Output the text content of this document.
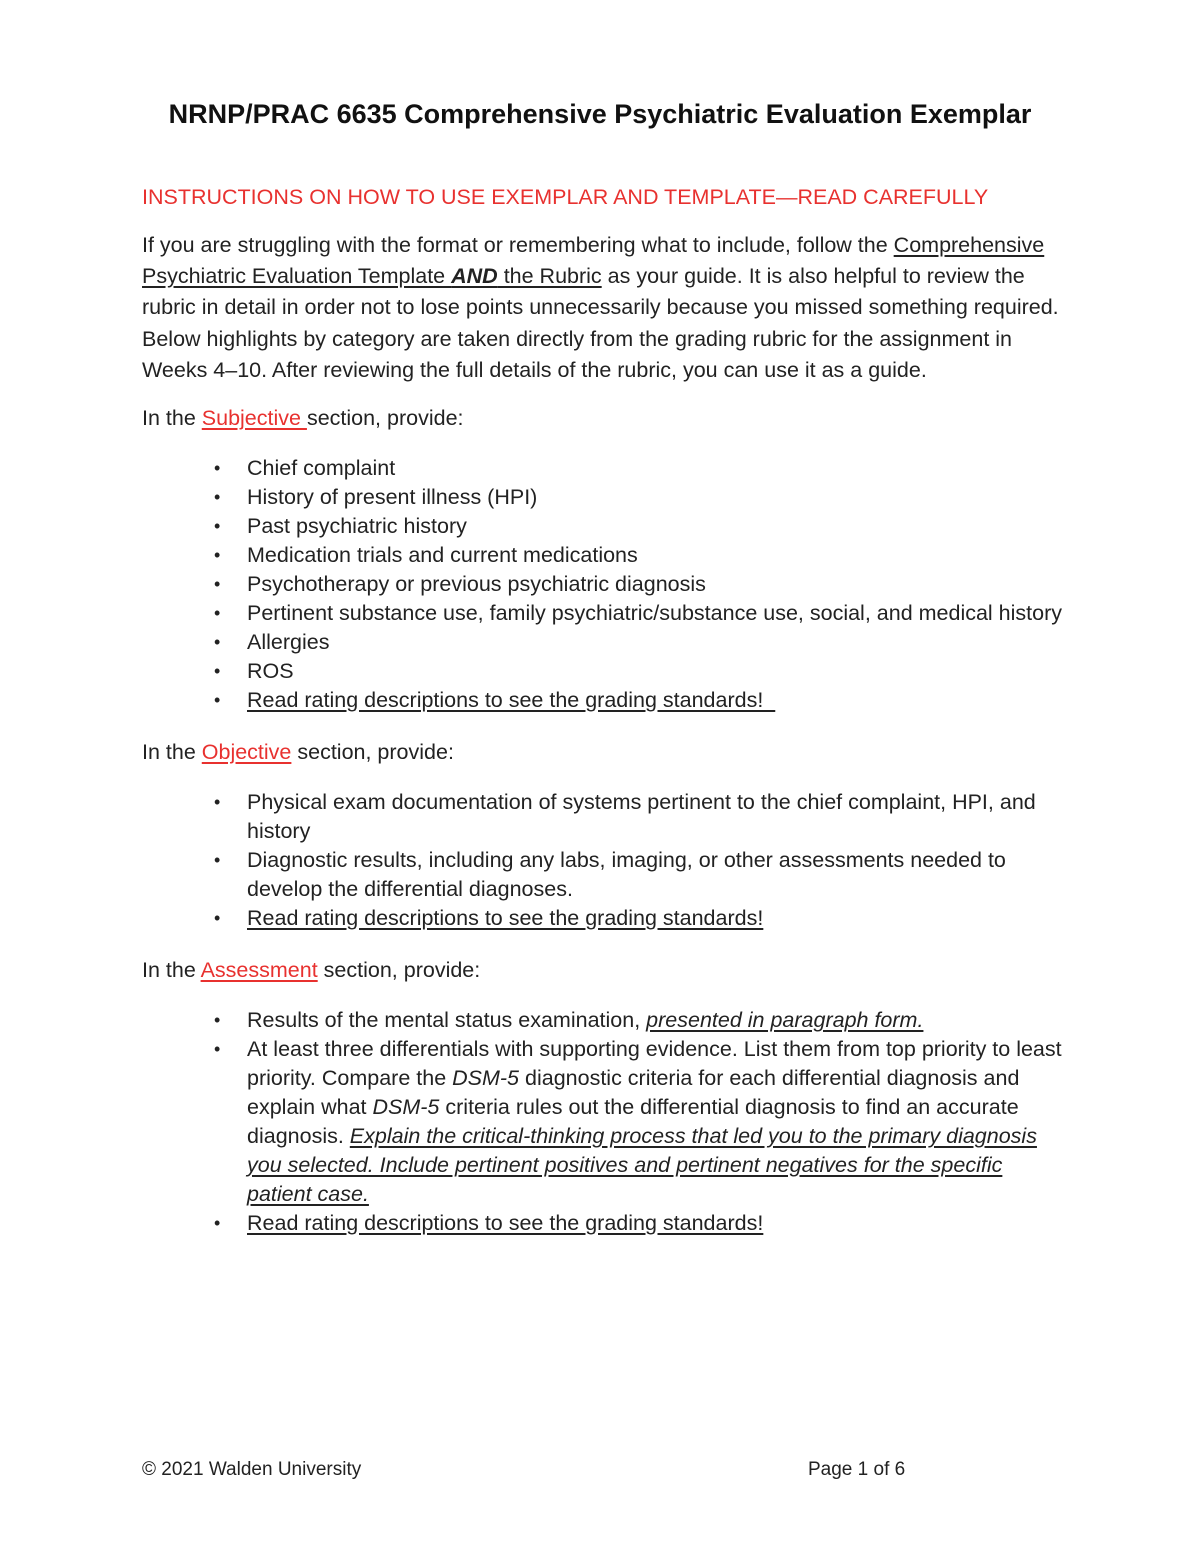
NRNP/PRAC 6635 Comprehensive Psychiatric Evaluation Exemplar
INSTRUCTIONS ON HOW TO USE EXEMPLAR AND TEMPLATE—READ CAREFULLY
If you are struggling with the format or remembering what to include, follow the Comprehensive Psychiatric Evaluation Template AND the Rubric as your guide. It is also helpful to review the rubric in detail in order not to lose points unnecessarily because you missed something required. Below highlights by category are taken directly from the grading rubric for the assignment in Weeks 4–10. After reviewing the full details of the rubric, you can use it as a guide.
In the Subjective section, provide:
• Chief complaint
• History of present illness (HPI)
• Past psychiatric history
• Medication trials and current medications
• Psychotherapy or previous psychiatric diagnosis
• Pertinent substance use, family psychiatric/substance use, social, and medical history
• Allergies
• ROS
• Read rating descriptions to see the grading standards!
In the Objective section, provide:
• Physical exam documentation of systems pertinent to the chief complaint, HPI, and history
• Diagnostic results, including any labs, imaging, or other assessments needed to develop the differential diagnoses.
• Read rating descriptions to see the grading standards!
In the Assessment section, provide:
• Results of the mental status examination, presented in paragraph form.
• At least three differentials with supporting evidence. List them from top priority to least priority. Compare the DSM-5 diagnostic criteria for each differential diagnosis and explain what DSM-5 criteria rules out the differential diagnosis to find an accurate diagnosis. Explain the critical-thinking process that led you to the primary diagnosis you selected. Include pertinent positives and pertinent negatives for the specific patient case.
• Read rating descriptions to see the grading standards!
© 2021 Walden University	Page 1 of 6
